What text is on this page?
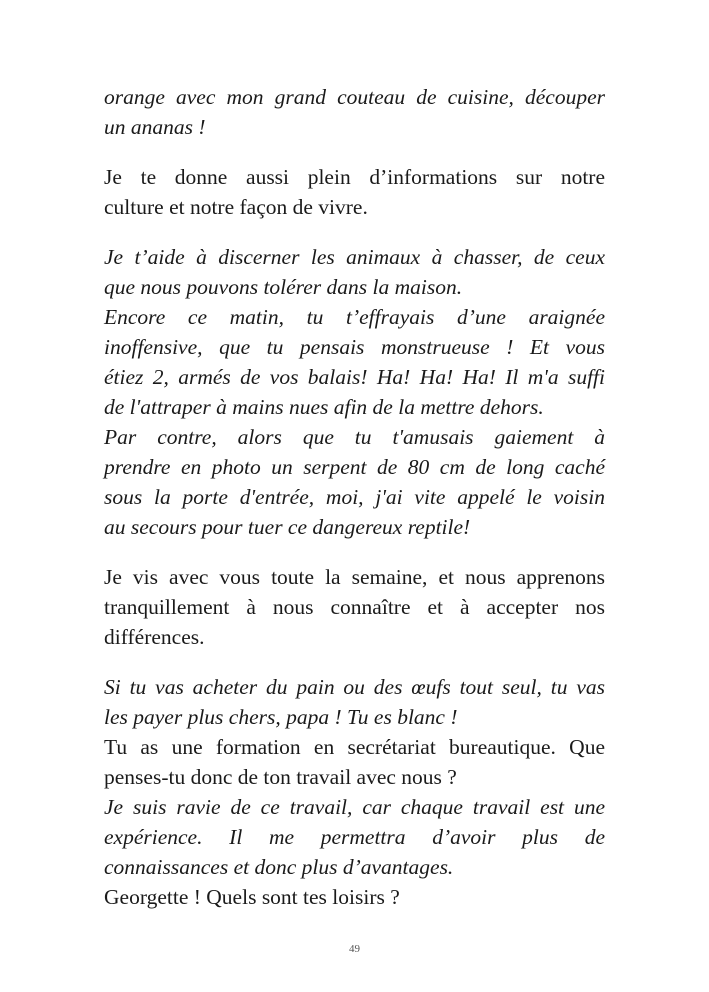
orange avec mon grand couteau de cuisine, découper
un ananas !
Je te donne aussi plein d’informations sur notre
culture et notre façon de vivre.
Je t’aide à discerner les animaux à chasser, de ceux
que nous pouvons tolérer dans la maison.
Encore ce matin, tu t’effrayais d’une araignée
inoffensive, que tu pensais monstrueuse ! Et vous
étiez 2, armés de vos balais! Ha! Ha! Ha! Il m'a suffi
de l'attraper à mains nues afin de la mettre dehors.
Par contre, alors que tu t'amusais gaiement à
prendre en photo un serpent de 80 cm de long caché
sous la porte d'entrée, moi, j'ai vite appelé le voisin
au secours pour tuer ce dangereux reptile!
Je vis avec vous toute la semaine, et nous apprenons
tranquillement à nous connaître et à accepter nos
différences.
Si tu vas acheter du pain ou des œufs tout seul, tu vas
les payer plus chers, papa ! Tu es blanc !
Tu as une formation en secrétariat bureautique. Que
penses-tu donc de ton travail avec nous ?
Je suis ravie de ce travail, car chaque travail est une
expérience. Il me permettra d’avoir plus de
connaissances et donc plus d’avantages.
Georgette ! Quels sont tes loisirs ?
49
